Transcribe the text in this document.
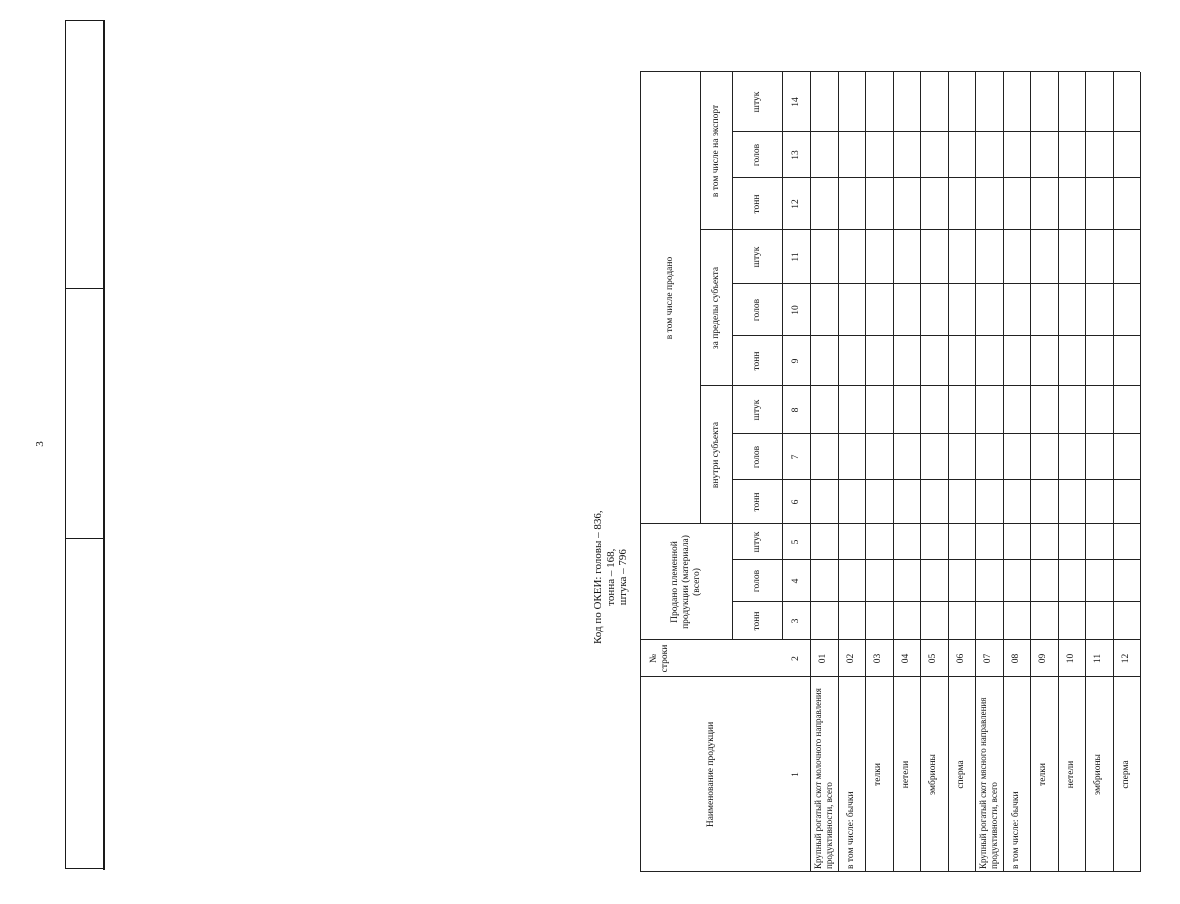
3
Код по ОКЕИ: головы – 836, тонна – 168, штука – 796
Наименование продукции
№ строки
Продано племенной продукции (материала) (всего)
в том числе продано
внутри субъекта
за пределы субъекта
в том числе на экспорт
тонн
голов
штук
тонн
голов
штук
тонн
голов
штук
тонн
голов
штук
1
2
3
4
5
6
7
8
9
10
11
12
13
14
Крупный рогатый скот молочного направления продуктивности, всего
01
в том числе: бычки
02
телки
03
нетели
04
эмбрионы
05
сперма
06
Крупный рогатый скот мясного направления продуктивности, всего
07
в том числе: бычки
08
телки
09
нетели
10
эмбрионы
11
сперма
12
